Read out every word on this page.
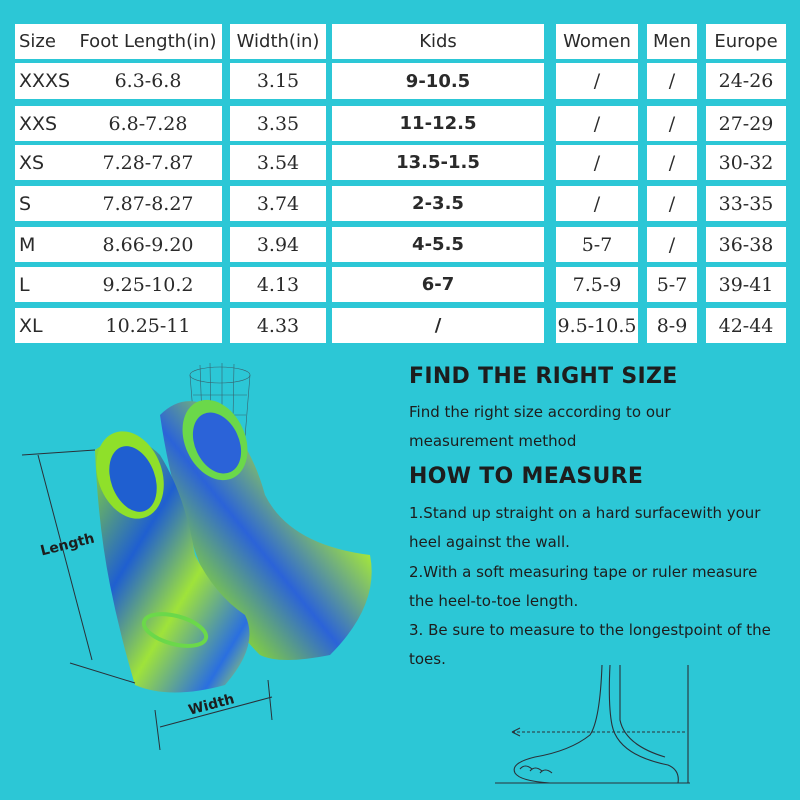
Size	Foot Length(in)	Width(in)	Kids	Women	Men	Europe
XXXS	6.3-6.8	3.15	9-10.5	/	/	24-26
XXS	6.8-7.28	3.35	11-12.5	/	/	27-29
XS	7.28-7.87	3.54	13.5-1.5	/	/	30-32
S	7.87-8.27	3.74	2-3.5	/	/	33-35
M	8.66-9.20	3.94	4-5.5	5-7	/	36-38
L	9.25-10.2	4.13	6-7	7.5-9	5-7	39-41
XL	10.25-11	4.33	/	9.5-10.5	8-9	42-44
FIND THE RIGHT SIZE
Find the right size according to our measurement method
HOW TO MEASURE
1.Stand up straight on a hard surfacewith your heel against the wall.
2.With a soft measuring tape or ruler measure the heel-to-toe length.
3. Be sure to measure to the longestpoint of the toes.
Length
Width
